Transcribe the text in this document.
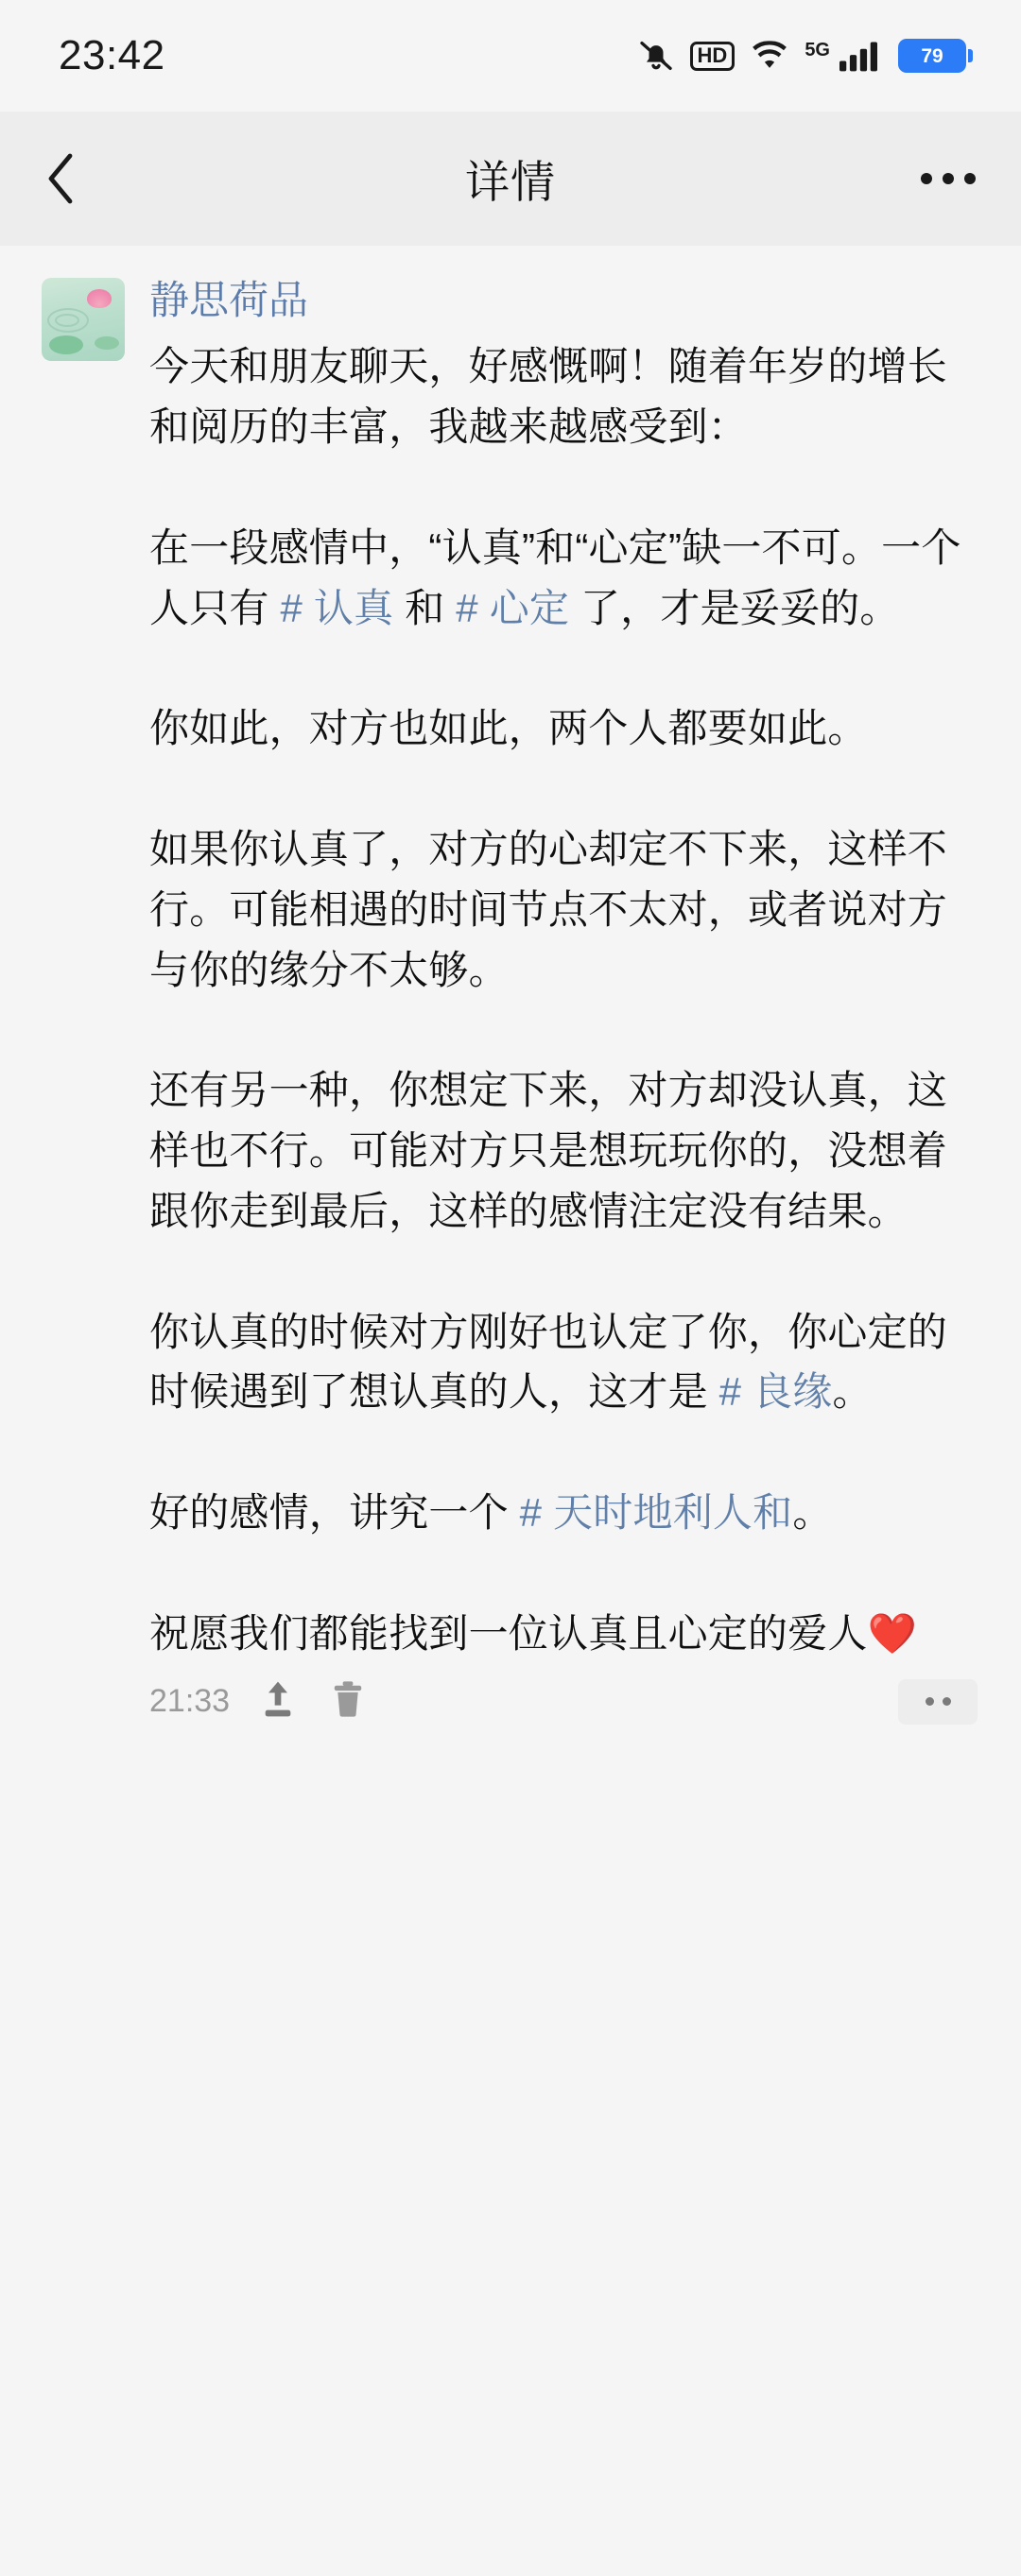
23:42	HD	5G	79
详情
静思荷品
今天和朋友聊天，好感慨啊！随着年岁的增长和阅历的丰富，我越来越感受到：

在一段感情中，“认真”和“心定”缺一不可。一个人只有 # 认真 和 # 心定 了，才是妥妥的。

你如此，对方也如此，两个人都要如此。

如果你认真了，对方的心却定不下来，这样不行。可能相遇的时间节点不太对，或者说对方与你的缘分不太够。

还有另一种，你想定下来，对方却没认真，这样也不行。可能对方只是想玩玩你的，没想着跟你走到最后，这样的感情注定没有结果。

你认真的时候对方刚好也认定了你，你心定的时候遇到了想认真的人，这才是 # 良缘。

好的感情，讲究一个 # 天时地利人和。

祝愿我们都能找到一位认真且心定的爱人❤️
21:33
